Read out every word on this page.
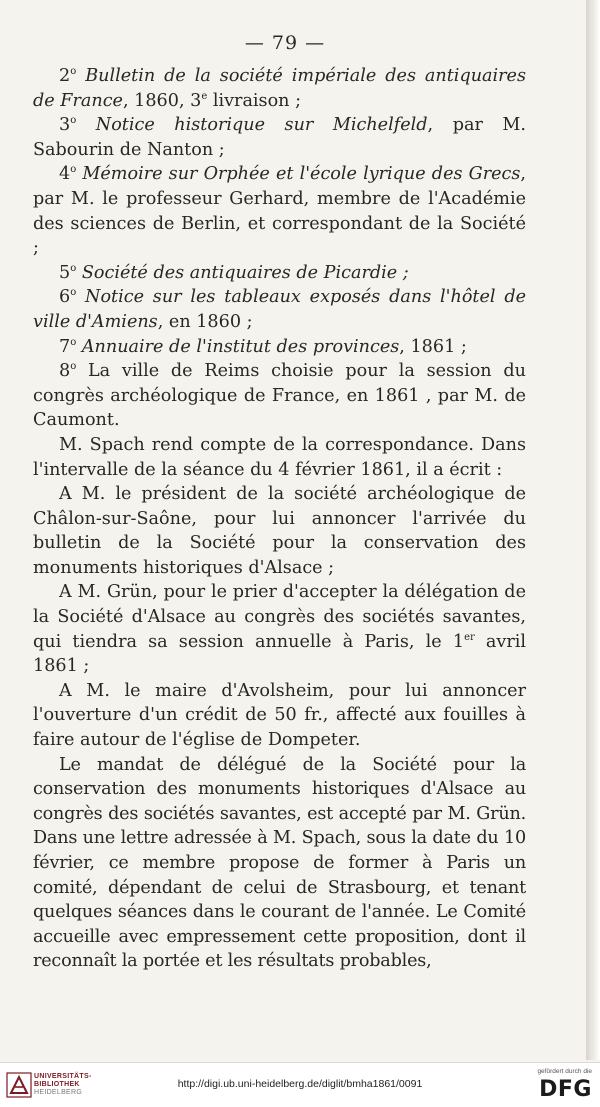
— 79 —

2$^o$ Bulletin de la société impériale des antiquaires de France, 1860, 3e livraison ;

3$^o$ Notice historique sur Michelfeld, par M. Sabourin de Nanton ;

4$^o$ Mémoire sur Orphée et l'école lyrique des Grecs, par M. le professeur Gerhard, membre de l'Académie des sciences de Berlin, et correspondant de la Société ;

5$^o$ Société des antiquaires de Picardie ;

6$^o$ Notice sur les tableaux exposés dans l'hôtel de ville d'Amiens, en 1860 ;

7$^o$ Annuaire de l'institut des provinces, 1861 ;

8$^o$ La ville de Reims choisie pour la session du congrès archéologique de France, en 1861 , par M. de Caumont.

M. Spach rend compte de la correspondance. Dans l'intervalle de la séance du 4 février 1861, il a écrit :

A M. le président de la société archéologique de Châlon-sur-Saône, pour lui annoncer l'arrivée du bulletin de la Société pour la conservation des monuments historiques d'Alsace ;

A M. Grün, pour le prier d'accepter la délégation de la Société d'Alsace au congrès des sociétés savantes, qui tiendra sa session annuelle à Paris, le 1er avril 1861 ;

A M. le maire d'Avolsheim, pour lui annoncer l'ouverture d'un crédit de 50 fr., affecté aux fouilles à faire autour de l'église de Dompeter.

Le mandat de délégué de la Société pour la conservation des monuments historiques d'Alsace au congrès des sociétés savantes, est accepté par M. Grün. Dans une lettre adressée à M. Spach, sous la date du 10 février, ce membre propose de former à Paris un comité, dépendant de celui de Strasbourg, et tenant quelques séances dans le courant de l'année. Le Comité accueille avec empressement cette proposition, dont il reconnaît la portée et les résultats probables,

UNIVERSITÄTS-
BIBLIOTHEK
HEIDELBERG
http://digi.ub.uni-heidelberg.de/diglit/bmha1861/0091
gefördert durch die
DFG
